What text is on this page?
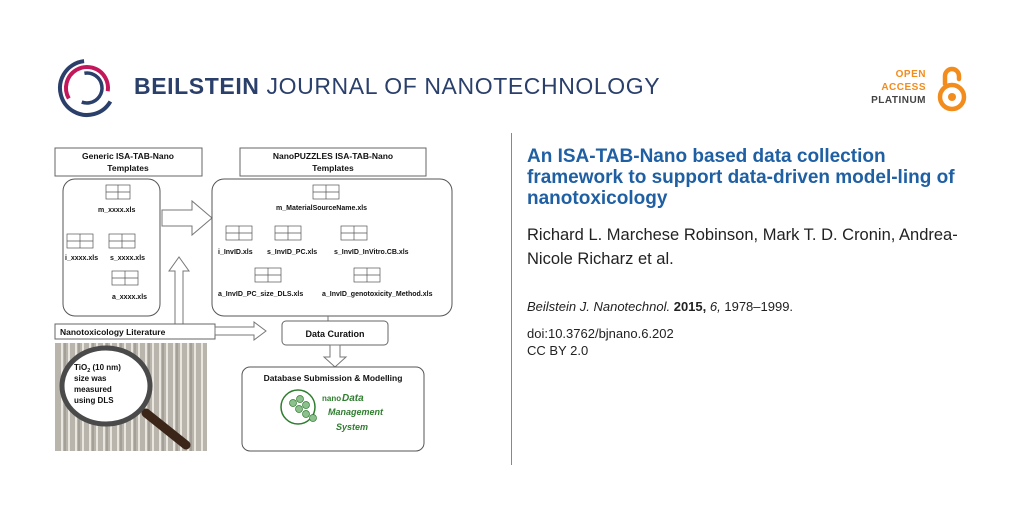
BEILSTEIN JOURNAL OF NANOTECHNOLOGY	OPEN
ACCESS
PLATINUM
Generic ISA-TAB-Nano
Templates
m_xxxx.xls
i_xxxx.xls s_xxxx.xls
a_xxxx.xls
NanoPUZZLES ISA-TAB-Nano
Templates
m_MaterialSourceName.xls
i_InvID.xls s_InvID_PC.xls s_InvID_InVitro.CB.xls
a_InvID_PC_size_DLS.xls	a_InvID_genotoxicity_Method.xls
Nanotoxicology Literature	Data Curation
Database Submission & Modelling
nano Data
Management
System
TiO$_2$ (10 nm)
size was
measured
using DLS
An ISA-TAB-Nano based data collection framework to support data-driven model-ling of nanotoxicology
Richard L. Marchese Robinson, Mark T. D. Cronin, Andrea-Nicole Richarz et al.
Beilstein J. Nanotechnol. 2015, 6, 1978–1999.
doi:10.3762/bjnano.6.202
CC BY 2.0
